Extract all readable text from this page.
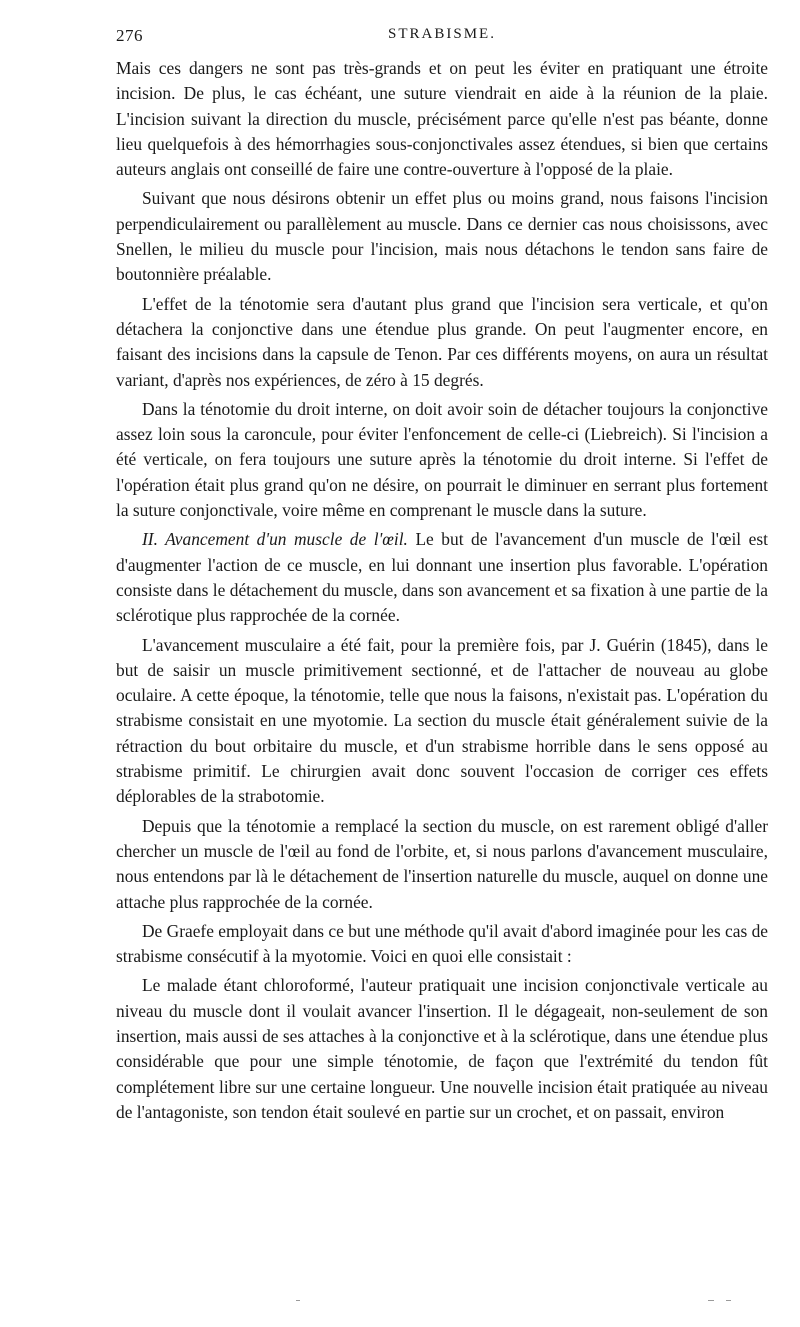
276	STRABISME.

Mais ces dangers ne sont pas très-grands et on peut les éviter en pratiquant une étroite incision. De plus, le cas échéant, une suture viendrait en aide à la réunion de la plaie. L'incision suivant la direction du muscle, précisément parce qu'elle n'est pas béante, donne lieu quelquefois à des hémorrhagies sous-conjonctivales assez étendues, si bien que certains auteurs anglais ont conseillé de faire une contre-ouverture à l'opposé de la plaie.

Suivant que nous désirons obtenir un effet plus ou moins grand, nous faisons l'incision perpendiculairement ou parallèlement au muscle. Dans ce dernier cas nous choisissons, avec Snellen, le milieu du muscle pour l'incision, mais nous détachons le tendon sans faire de boutonnière préalable.

L'effet de la ténotomie sera d'autant plus grand que l'incision sera verticale, et qu'on détachera la conjonctive dans une étendue plus grande. On peut l'augmenter encore, en faisant des incisions dans la capsule de Tenon. Par ces différents moyens, on aura un résultat variant, d'après nos expériences, de zéro à 15 degrés.

Dans la ténotomie du droit interne, on doit avoir soin de détacher toujours la conjonctive assez loin sous la caroncule, pour éviter l'enfoncement de celle-ci (Liebreich). Si l'incision a été verticale, on fera toujours une suture après la ténotomie du droit interne. Si l'effet de l'opération était plus grand qu'on ne désire, on pourrait le diminuer en serrant plus fortement la suture conjonctivale, voire même en comprenant le muscle dans la suture.

II. Avancement d'un muscle de l'œil. Le but de l'avancement d'un muscle de l'œil est d'augmenter l'action de ce muscle, en lui donnant une insertion plus favorable. L'opération consiste dans le détachement du muscle, dans son avancement et sa fixation à une partie de la sclérotique plus rapprochée de la cornée.

L'avancement musculaire a été fait, pour la première fois, par J. Guérin (1845), dans le but de saisir un muscle primitivement sectionné, et de l'attacher de nouveau au globe oculaire. A cette époque, la ténotomie, telle que nous la faisons, n'existait pas. L'opération du strabisme consistait en une myotomie. La section du muscle était généralement suivie de la rétraction du bout orbitaire du muscle, et d'un strabisme horrible dans le sens opposé au strabisme primitif. Le chirurgien avait donc souvent l'occasion de corriger ces effets déplorables de la strabotomie.

Depuis que la ténotomie a remplacé la section du muscle, on est rarement obligé d'aller chercher un muscle de l'œil au fond de l'orbite, et, si nous parlons d'avancement musculaire, nous entendons par là le détachement de l'insertion naturelle du muscle, auquel on donne une attache plus rapprochée de la cornée.

De Graefe employait dans ce but une méthode qu'il avait d'abord imaginée pour les cas de strabisme consécutif à la myotomie. Voici en quoi elle consistait :

Le malade étant chloroformé, l'auteur pratiquait une incision conjonctivale verticale au niveau du muscle dont il voulait avancer l'insertion. Il le dégageait, non-seulement de son insertion, mais aussi de ses attaches à la conjonctive et à la sclérotique, dans une étendue plus considérable que pour une simple ténotomie, de façon que l'extrémité du tendon fût complétement libre sur une certaine longueur. Une nouvelle incision était pratiquée au niveau de l'antagoniste, son tendon était soulevé en partie sur un crochet, et on passait, environ
